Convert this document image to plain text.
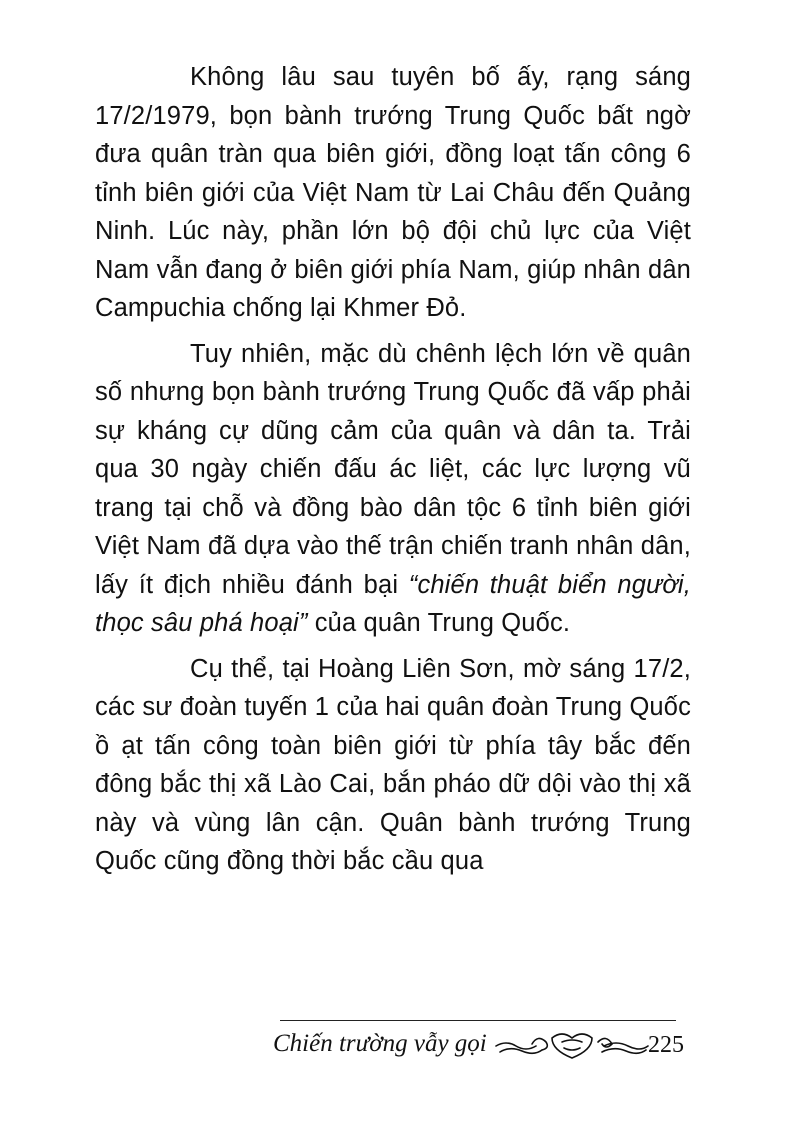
Không lâu sau tuyên bố ấy, rạng sáng 17/2/1979, bọn bành trướng Trung Quốc bất ngờ đưa quân tràn qua biên giới, đồng loạt tấn công 6 tỉnh biên giới của Việt Nam từ Lai Châu đến Quảng Ninh. Lúc này, phần lớn bộ đội chủ lực của Việt Nam vẫn đang ở biên giới phía Nam, giúp nhân dân Campuchia chống lại Khmer Đỏ.

Tuy nhiên, mặc dù chênh lệch lớn về quân số nhưng bọn bành trướng Trung Quốc đã vấp phải sự kháng cự dũng cảm của quân và dân ta. Trải qua 30 ngày chiến đấu ác liệt, các lực lượng vũ trang tại chỗ và đồng bào dân tộc 6 tỉnh biên giới Việt Nam đã dựa vào thế trận chiến tranh nhân dân, lấy ít địch nhiều đánh bại “chiến thuật biển người, thọc sâu phá hoại” của quân Trung Quốc.

Cụ thể, tại Hoàng Liên Sơn, mờ sáng 17/2, các sư đoàn tuyến 1 của hai quân đoàn Trung Quốc ồ ạt tấn công toàn biên giới từ phía tây bắc đến đông bắc thị xã Lào Cai, bắn pháo dữ dội vào thị xã này và vùng lân cận. Quân bành trướng Trung Quốc cũng đồng thời bắc cầu qua

Chiến trường vẫy gọi	225
